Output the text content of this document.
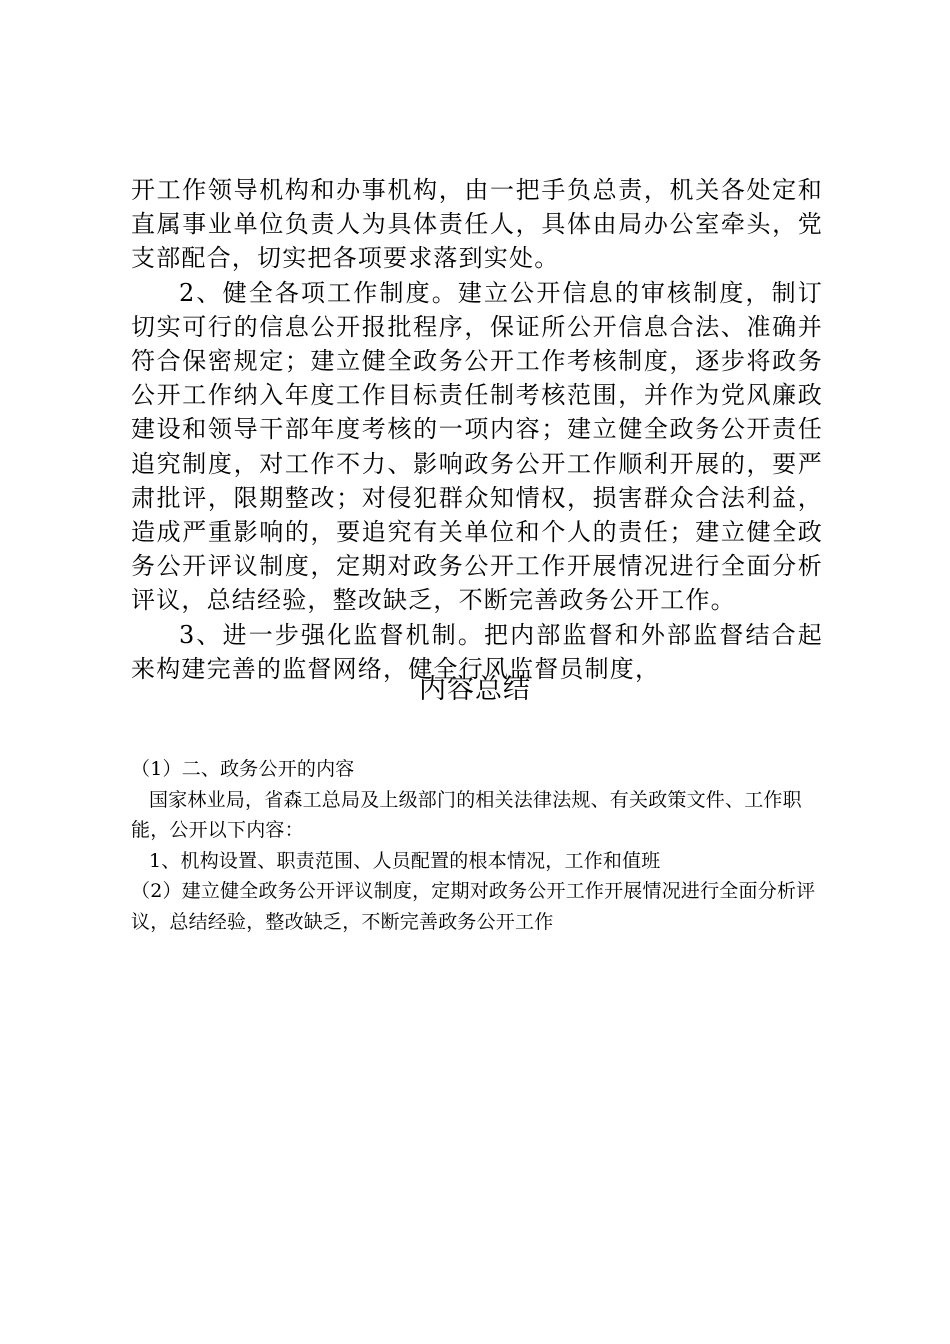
开工作领导机构和办事机构，由一把手负总责，机关各处定和直属事业单位负责人为具体责任人，具体由局办公室牵头，党支部配合，切实把各项要求落到实处。

2、健全各项工作制度。建立公开信息的审核制度，制订切实可行的信息公开报批程序，保证所公开信息合法、准确并符合保密规定；建立健全政务公开工作考核制度，逐步将政务公开工作纳入年度工作目标责任制考核范围，并作为党风廉政建设和领导干部年度考核的一项内容；建立健全政务公开责任追究制度，对工作不力、影响政务公开工作顺利开展的，要严肃批评，限期整改；对侵犯群众知情权，损害群众合法利益，造成严重影响的，要追究有关单位和个人的责任；建立健全政务公开评议制度，定期对政务公开工作开展情况进行全面分析评议，总结经验，整改缺乏，不断完善政务公开工作。

3、进一步强化监督机制。把内部监督和外部监督结合起来构建完善的监督网络，健全行风监督员制度，

内容总结

（1）二、政务公开的内容

国家林业局，省森工总局及上级部门的相关法律法规、有关政策文件、工作职能，公开以下内容：

1、机构设置、职责范围、人员配置的根本情况，工作和值班

（2）建立健全政务公开评议制度，定期对政务公开工作开展情况进行全面分析评议，总结经验，整改缺乏，不断完善政务公开工作
